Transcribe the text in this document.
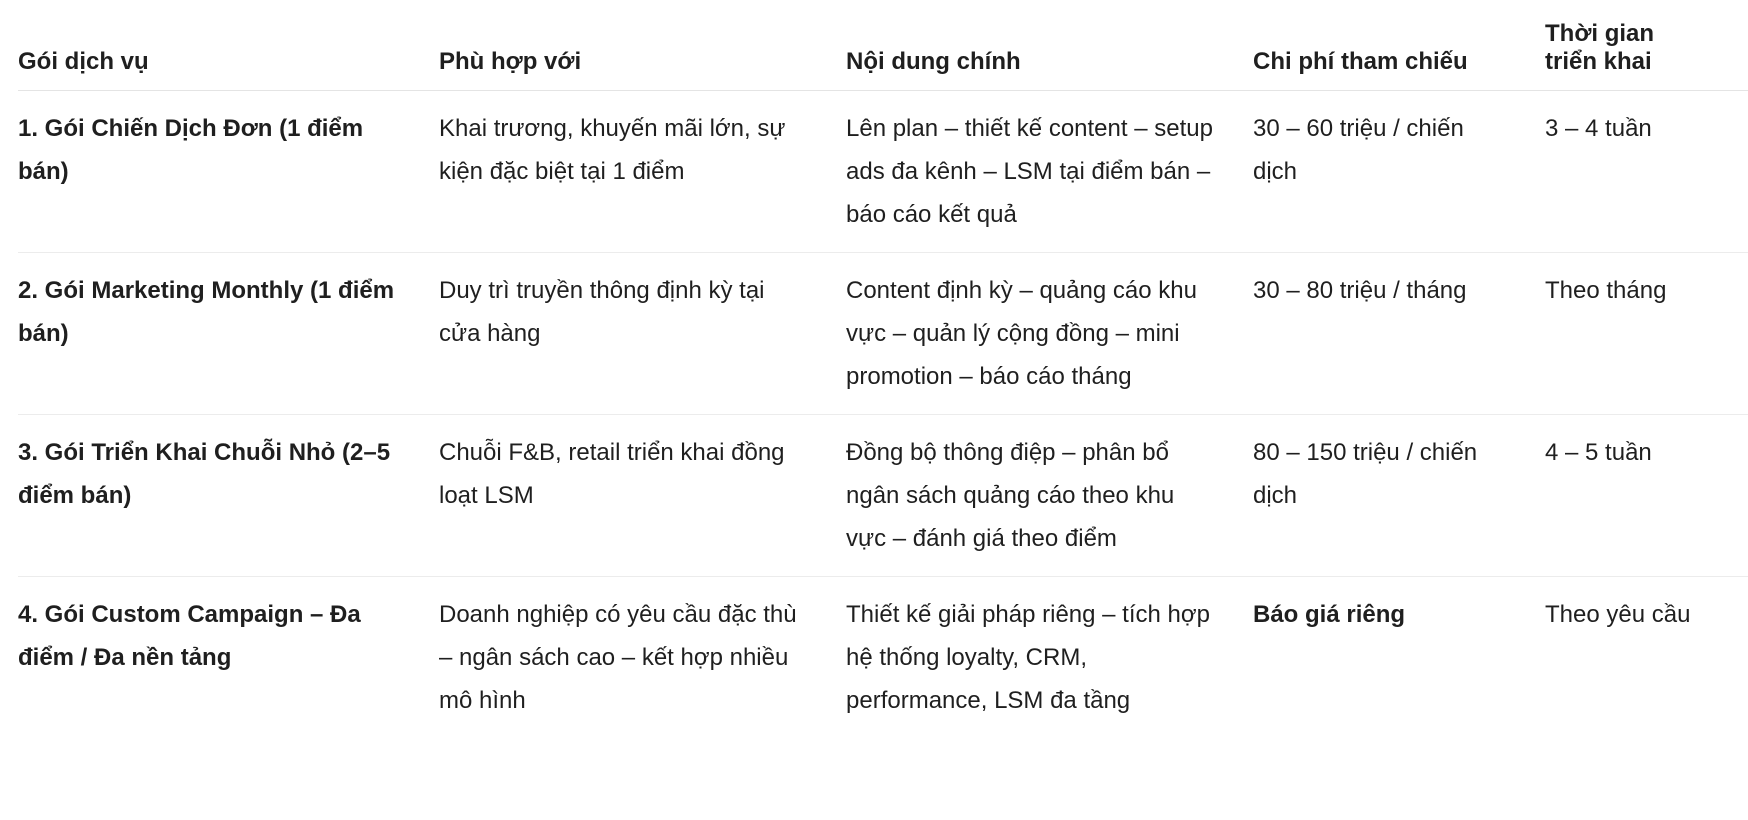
Gói dịch vụ	Phù hợp với	Nội dung chính	Chi phí tham chiếu	Thời gian triển khai
1. Gói Chiến Dịch Đơn (1 điểm bán)	Khai trương, khuyến mãi lớn, sự kiện đặc biệt tại 1 điểm	Lên plan – thiết kế content – setup ads đa kênh – LSM tại điểm bán – báo cáo kết quả	30 – 60 triệu / chiến dịch	3 – 4 tuần
2. Gói Marketing Monthly (1 điểm bán)	Duy trì truyền thông định kỳ tại cửa hàng	Content định kỳ – quảng cáo khu vực – quản lý cộng đồng – mini promotion – báo cáo tháng	30 – 80 triệu / tháng	Theo tháng
3. Gói Triển Khai Chuỗi Nhỏ (2–5 điểm bán)	Chuỗi F&B, retail triển khai đồng loạt LSM	Đồng bộ thông điệp – phân bổ ngân sách quảng cáo theo khu vực – đánh giá theo điểm	80 – 150 triệu / chiến dịch	4 – 5 tuần
4. Gói Custom Campaign – Đa điểm / Đa nền tảng	Doanh nghiệp có yêu cầu đặc thù – ngân sách cao – kết hợp nhiều mô hình	Thiết kế giải pháp riêng – tích hợp hệ thống loyalty, CRM, performance, LSM đa tầng	Báo giá riêng	Theo yêu cầu
